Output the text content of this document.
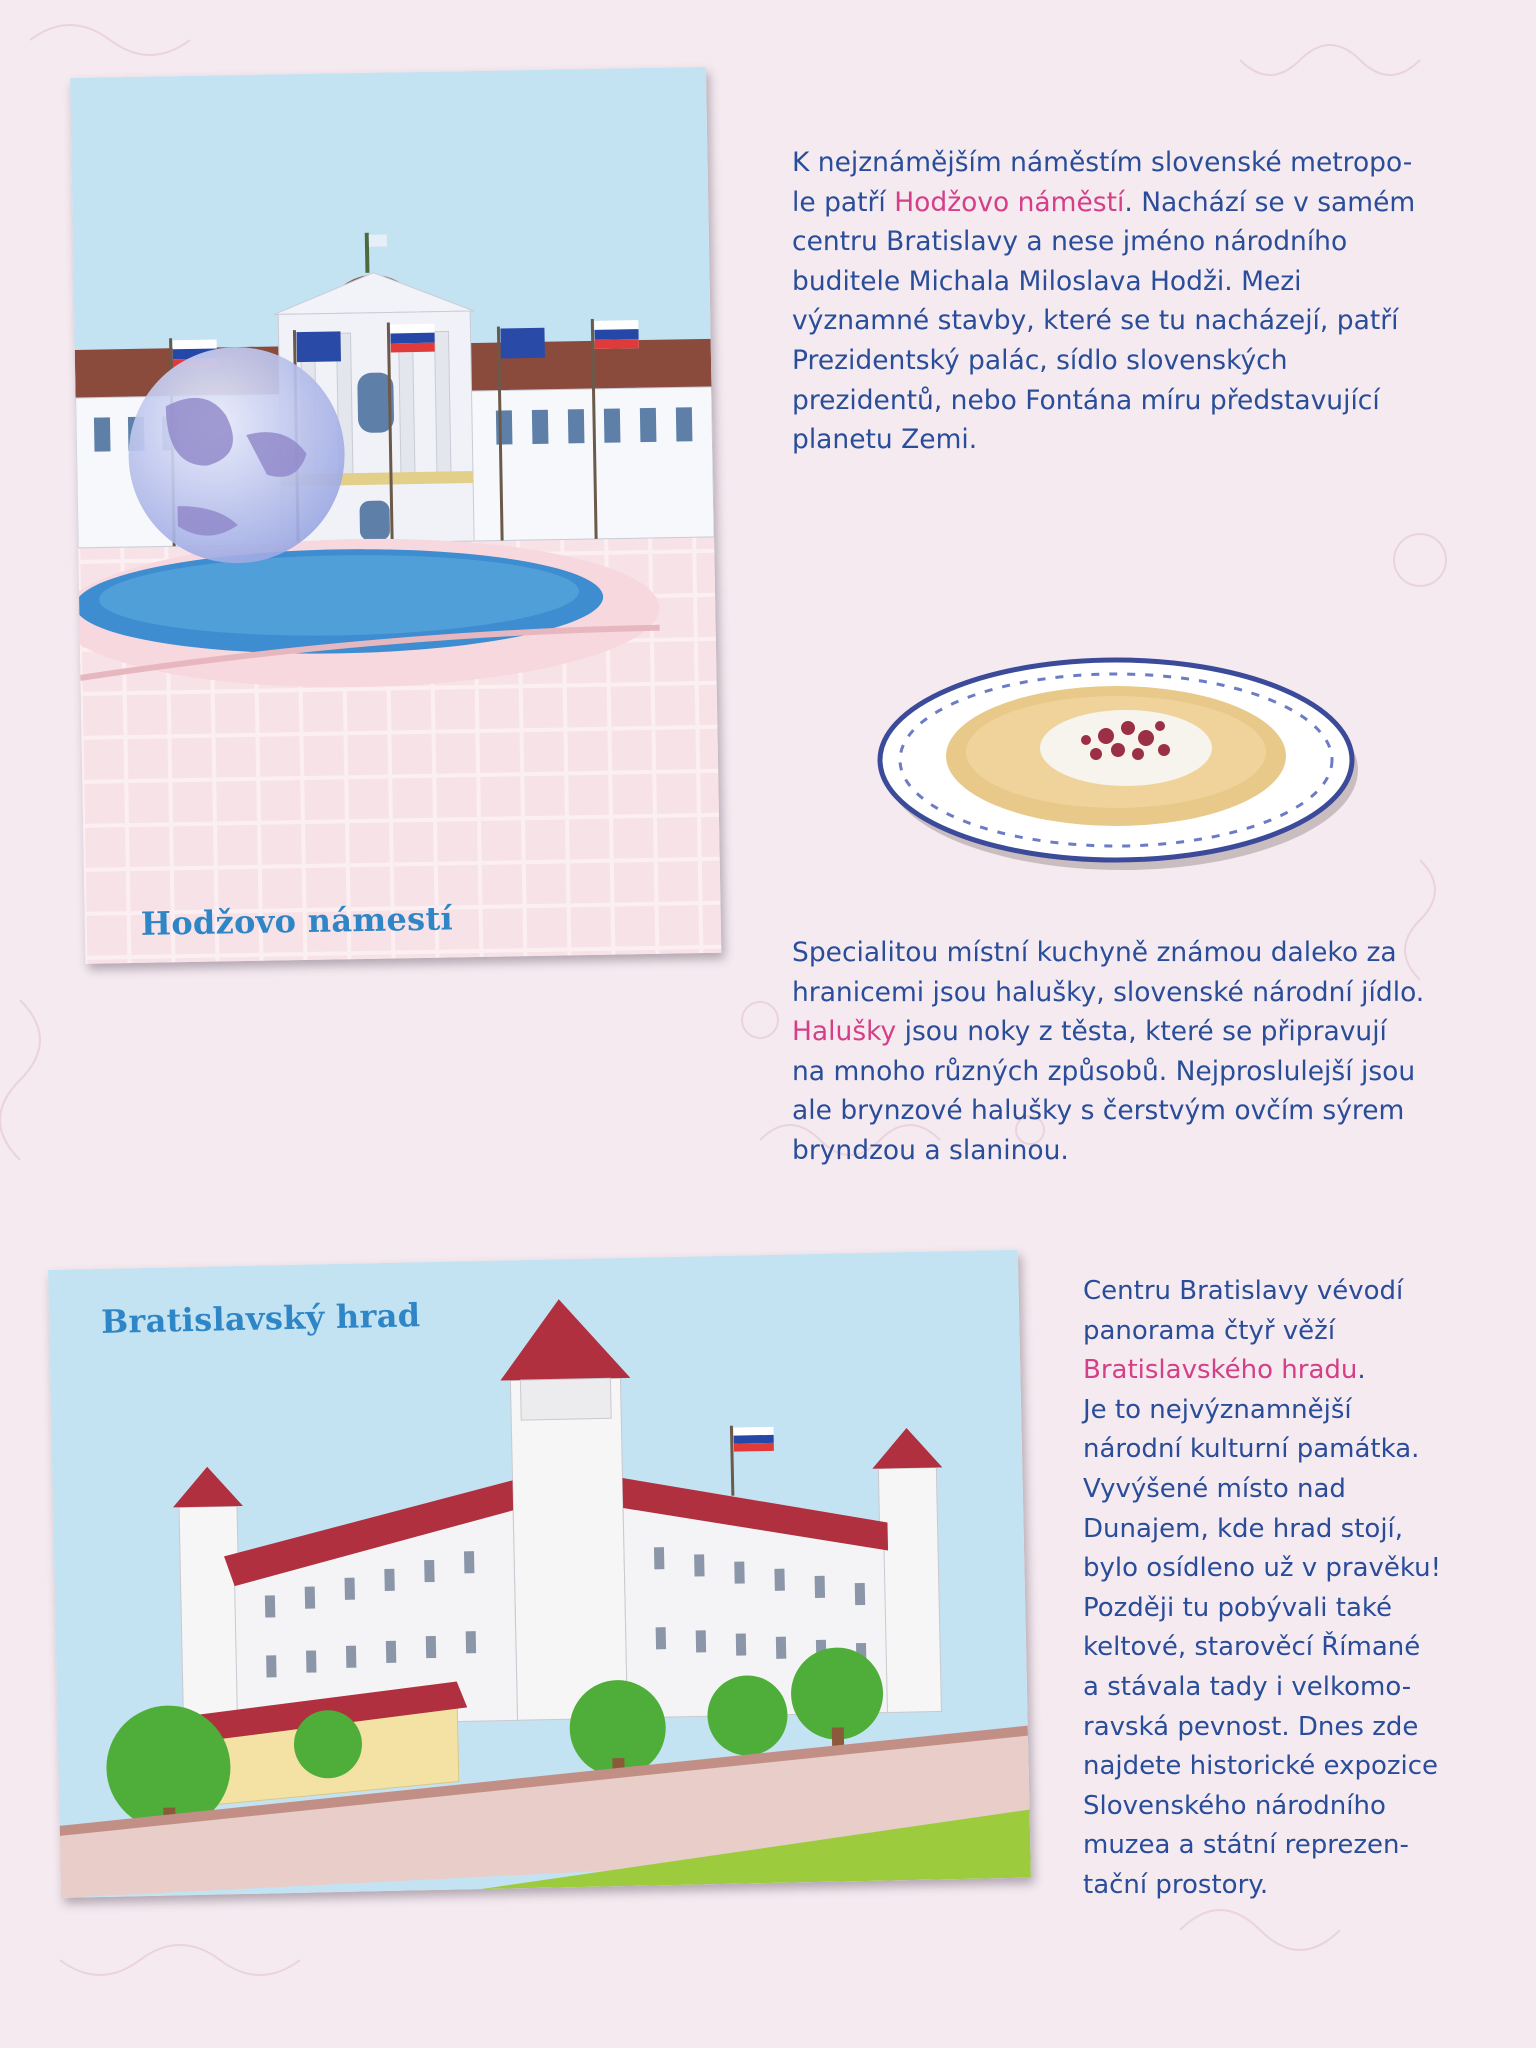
Hodžovo námestí
K nejznámějším náměstím slovenské metropo-
le patří Hodžovo náměstí. Nachází se v samém
centru Bratislavy a nese jméno národního
buditele Michala Miloslava Hodži. Mezi
významné stavby, které se tu nacházejí, patří
Prezidentský palác, sídlo slovenských
prezidentů, nebo Fontána míru představující
planetu Zemi.
Specialitou místní kuchyně známou daleko za
hranicemi jsou halušky, slovenské národní jídlo.
Halušky jsou noky z těsta, které se připravují
na mnoho různých způsobů. Nejproslulejší jsou
ale brynzové halušky s čerstvým ovčím sýrem
bryndzou a slaninou.
Bratislavský hrad
Centru Bratislavy vévodí
panorama čtyř věží
Bratislavského hradu.
Je to nejvýznamnější
národní kulturní památka.
Vyvýšené místo nad
Dunajem, kde hrad stojí,
bylo osídleno už v pravěku!
Později tu pobývali také
keltové, starověcí Římané
a stávala tady i velkomo-
ravská pevnost. Dnes zde
najdete historické expozice
Slovenského národního
muzea a státní reprezen-
tační prostory.
